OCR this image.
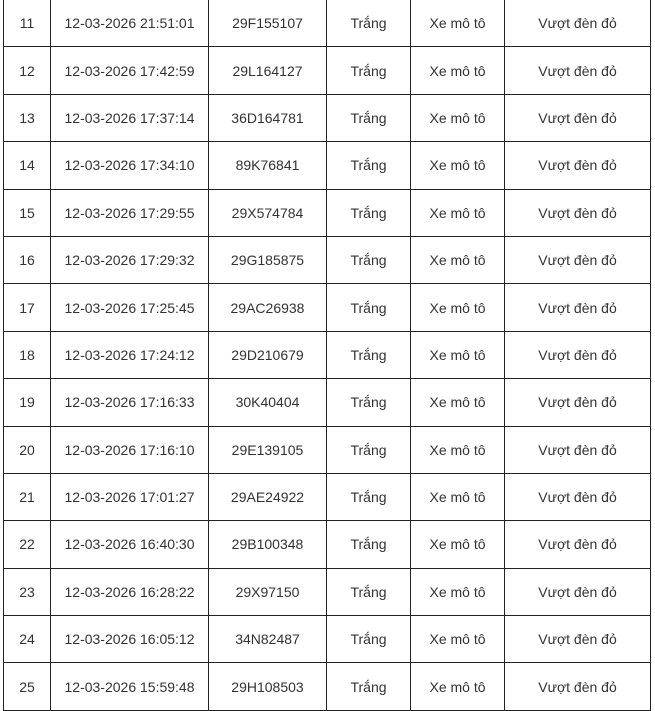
11	12-03-2026 21:51:01	29F155107	Trắng	Xe mô tô	Vượt đèn đỏ
12	12-03-2026 17:42:59	29L164127	Trắng	Xe mô tô	Vượt đèn đỏ
13	12-03-2026 17:37:14	36D164781	Trắng	Xe mô tô	Vượt đèn đỏ
14	12-03-2026 17:34:10	89K76841	Trắng	Xe mô tô	Vượt đèn đỏ
15	12-03-2026 17:29:55	29X574784	Trắng	Xe mô tô	Vượt đèn đỏ
16	12-03-2026 17:29:32	29G185875	Trắng	Xe mô tô	Vượt đèn đỏ
17	12-03-2026 17:25:45	29AC26938	Trắng	Xe mô tô	Vượt đèn đỏ
18	12-03-2026 17:24:12	29D210679	Trắng	Xe mô tô	Vượt đèn đỏ
19	12-03-2026 17:16:33	30K40404	Trắng	Xe mô tô	Vượt đèn đỏ
20	12-03-2026 17:16:10	29E139105	Trắng	Xe mô tô	Vượt đèn đỏ
21	12-03-2026 17:01:27	29AE24922	Trắng	Xe mô tô	Vượt đèn đỏ
22	12-03-2026 16:40:30	29B100348	Trắng	Xe mô tô	Vượt đèn đỏ
23	12-03-2026 16:28:22	29X97150	Trắng	Xe mô tô	Vượt đèn đỏ
24	12-03-2026 16:05:12	34N82487	Trắng	Xe mô tô	Vượt đèn đỏ
25	12-03-2026 15:59:48	29H108503	Trắng	Xe mô tô	Vượt đèn đỏ
